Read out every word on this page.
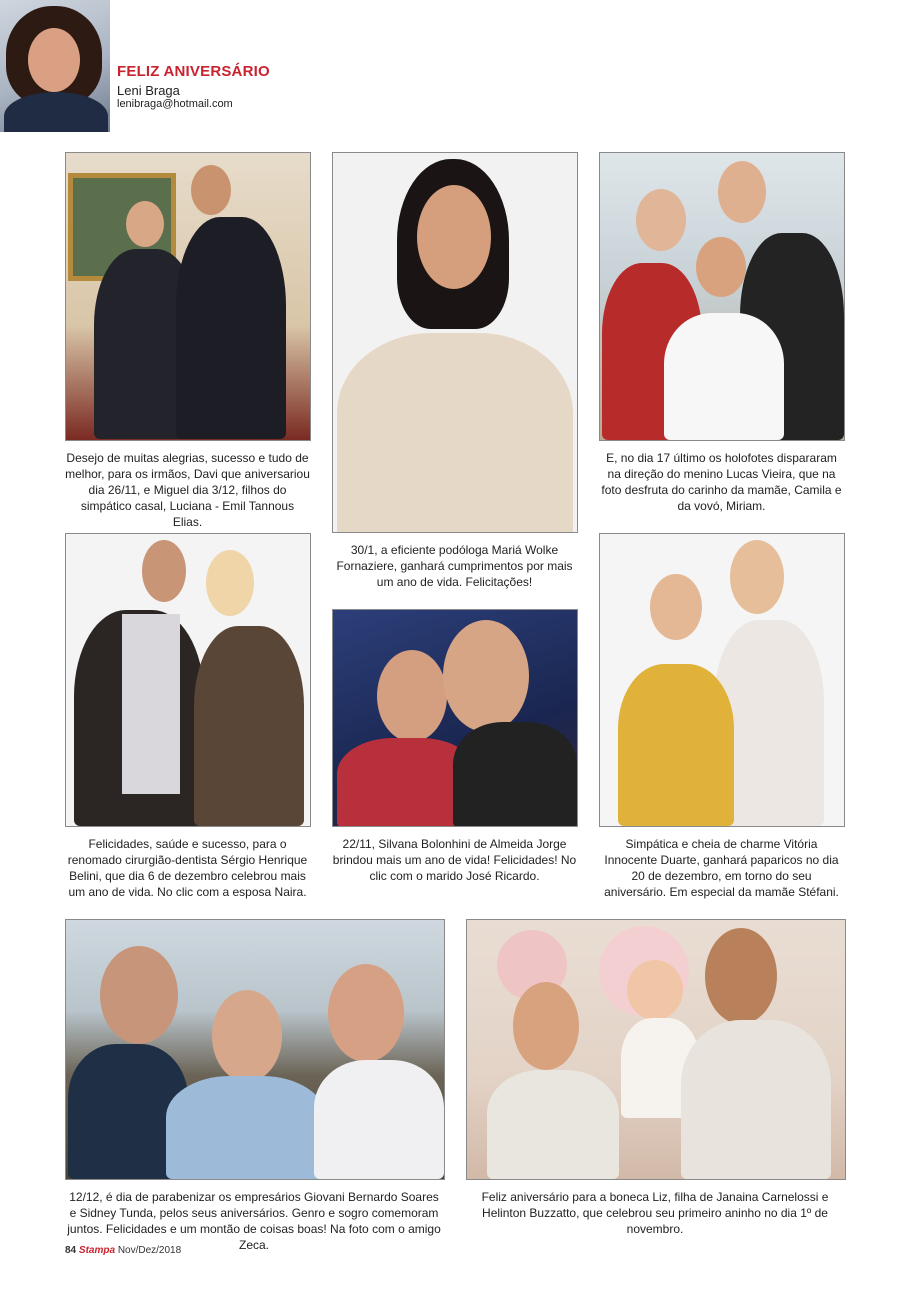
FELIZ ANIVERSÁRIO
Leni Braga
lenibraga@hotmail.com
Desejo de muitas alegrias, sucesso e tudo de melhor, para os irmãos, Davi que aniversariou dia 26/11, e Miguel dia 3/12, filhos do simpático casal, Luciana - Emil Tannous Elias.
30/1, a eficiente podóloga Mariá Wolke Fornaziere, ganhará cumprimentos por mais um ano de vida. Felicitações!
E, no dia 17 último os holofotes dispararam na direção do menino Lucas Vieira, que na foto desfruta do carinho da mamãe, Camila e da vovó, Miriam.
Felicidades, saúde e sucesso, para o renomado cirurgião-dentista Sérgio Henrique Belini, que dia 6 de dezembro celebrou mais um ano de vida. No clic com a esposa Naira.
22/11, Silvana Bolonhini de Almeida Jorge brindou mais um ano de vida! Felicidades! No clic com o marido José Ricardo.
Simpática e cheia de charme Vitória Innocente Duarte, ganhará paparicos no dia 20 de dezembro, em torno do seu aniversário. Em especial da mamãe Stéfani.
12/12, é dia de parabenizar os empresários Giovani Bernardo Soares e Sidney Tunda, pelos seus aniversários. Genro e sogro comemoram juntos. Felicidades e um montão de coisas boas! Na foto com o amigo Zeca.
Feliz aniversário para a boneca Liz, filha de Janaina Carnelossi e Helinton Buzzatto, que celebrou seu primeiro aninho no dia 1º de novembro.
84 Stampa Nov/Dez/2018
